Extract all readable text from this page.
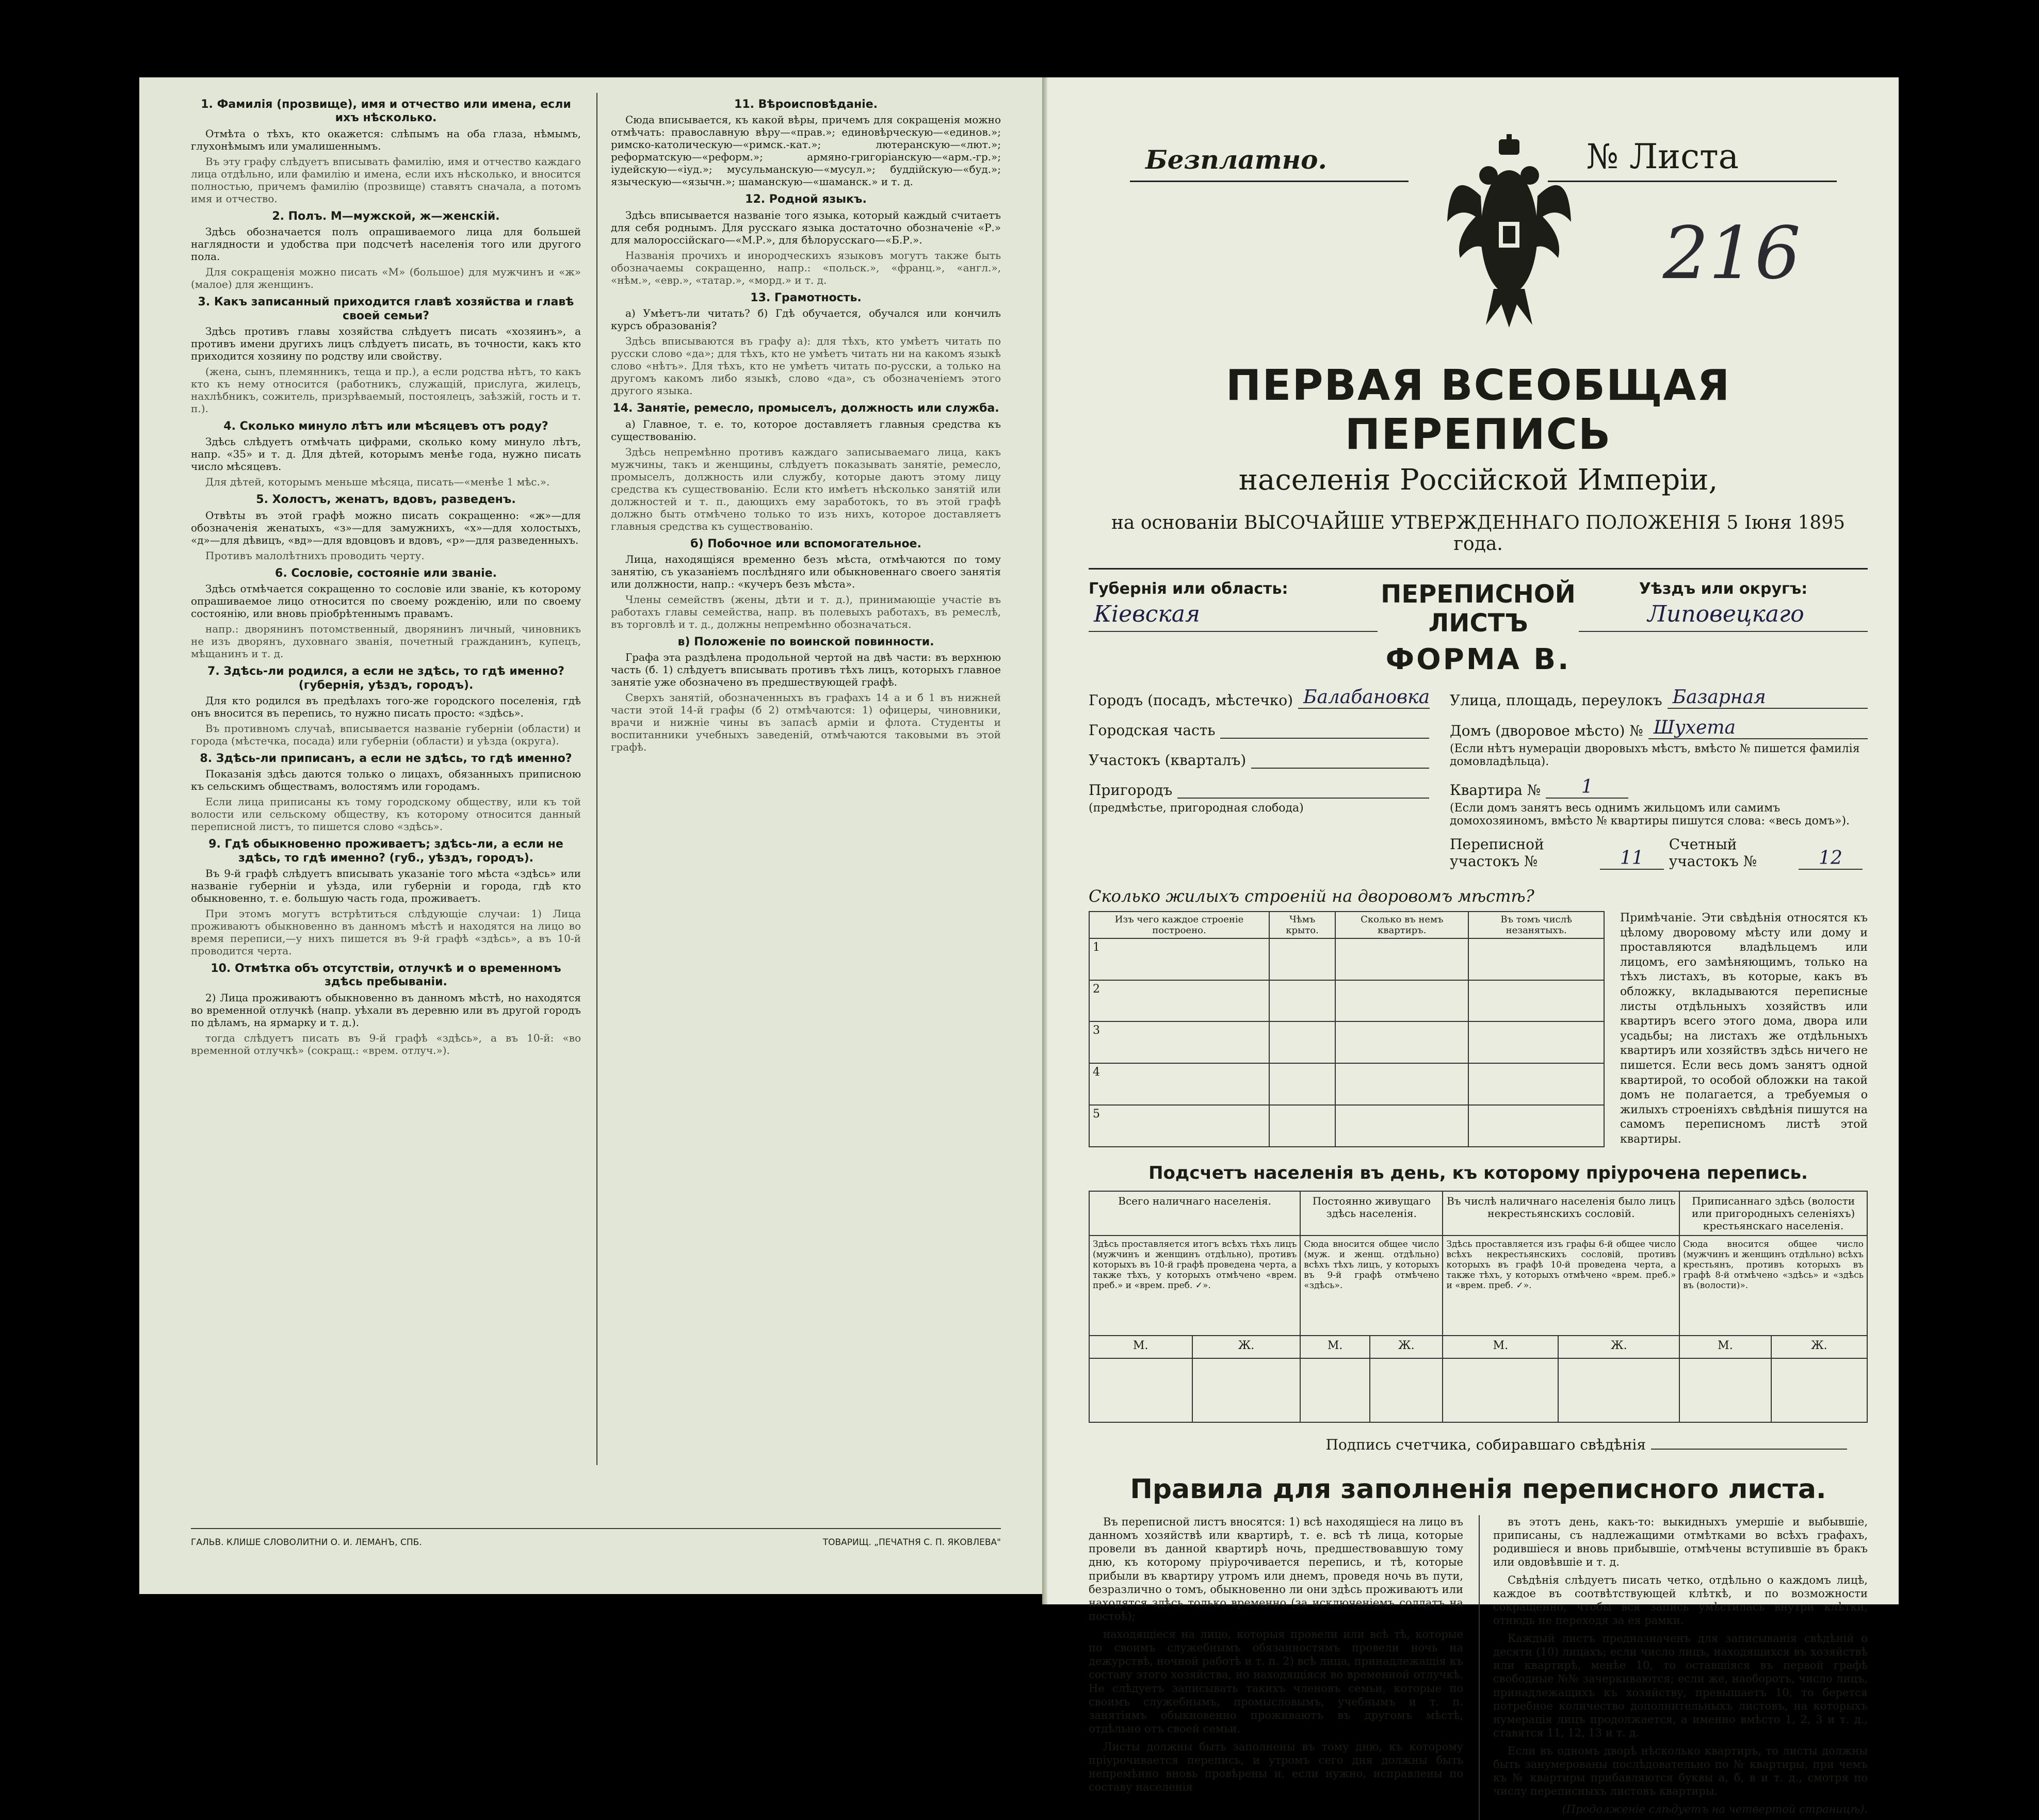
1. Фамилія (прозвище), имя и отчество или имена, если ихъ нѣсколько.

Отмѣта о тѣхъ, кто окажется: слѣпымъ на оба глаза, нѣмымъ, глухонѣмымъ или умалишеннымъ.

Въ эту графу слѣдуетъ вписывать фамилію, имя и отчество каждаго лица отдѣльно, или фамилію и имена, если ихъ нѣсколько, и вносится полностью, причемъ фамилію (прозвище) ставятъ сначала, а потомъ имя и отчество.

2. Полъ. М—мужской, ж—женскій.

Здѣсь обозначается полъ опрашиваемого лица для большей наглядности и удобства при подсчетѣ населенія того или другого пола.

Для сокращенія можно писать «М» (большое) для мужчинъ и «ж» (малое) для женщинъ.

3. Какъ записанный приходится главѣ хозяйства и главѣ своей семьи?

Здѣсь противъ главы хозяйства слѣдуетъ писать «хозяинъ», а противъ имени другихъ лицъ слѣдуетъ писать, въ точности, какъ кто приходится хозяину по родству или свойству.

(жена, сынъ, племянникъ, теща и пр.), а если родства нѣтъ, то какъ кто къ нему относится (работникъ, служащій, прислуга, жилецъ, нахлѣбникъ, сожитель, призрѣваемый, постоялецъ, заѣзжій, гость и т. п.).

4. Сколько минуло лѣтъ или мѣсяцевъ отъ роду?

Здѣсь слѣдуетъ отмѣчать цифрами, сколько кому минуло лѣтъ, напр. «35» и т. д. Для дѣтей, которымъ менѣе года, нужно писать число мѣсяцевъ.

Для дѣтей, которымъ меньше мѣсяца, писать—«менѣе 1 мѣс.».

5. Холостъ, женатъ, вдовъ, разведенъ.

Отвѣты въ этой графѣ можно писать сокращенно: «ж»—для обозначенія женатыхъ, «з»—для замужнихъ, «х»—для холостыхъ, «д»—для дѣвицъ, «вд»—для вдовцовъ и вдовъ, «р»—для разведенныхъ.

Противъ малолѣтнихъ проводить черту.

6. Сословіе, состояніе или званіе.

Здѣсь отмѣчается сокращенно то сословіе или званіе, къ которому опрашиваемое лицо относится по своему рожденію, или по своему состоянію, или вновь пріобрѣтеннымъ правамъ.

напр.: дворянинъ потомственный, дворянинъ личный, чиновникъ не изъ дворянъ, духовнаго званія, почетный гражданинъ, купецъ, мѣщанинъ и т. д.

7. Здѣсь-ли родился, а если не здѣсь, то гдѣ именно? (губернія, уѣздъ, городъ).

Для кто родился въ предѣлахъ того-же городского поселенія, гдѣ онъ вносится въ перепись, то нужно писать просто: «здѣсь».

Въ противномъ случаѣ, вписывается названіе губерніи (области) и города (мѣстечка, посада) или губерніи (области) и уѣзда (округа).

8. Здѣсь-ли приписанъ, а если не здѣсь, то гдѣ именно?

Показанія здѣсь даются только о лицахъ, обязанныхъ приписною къ сельскимъ обществамъ, волостямъ или городамъ.

Если лица приписаны къ тому городскому обществу, или къ той волости или сельскому обществу, къ которому относится данный переписной листъ, то пишется слово «здѣсь».

9. Гдѣ обыкновенно проживаетъ; здѣсь-ли, а если не здѣсь, то гдѣ именно? (губ., уѣздъ, городъ).

Въ 9-й графѣ слѣдуетъ вписывать указаніе того мѣста «здѣсь» или названіе губерніи и уѣзда, или губерніи и города, гдѣ кто обыкновенно, т. е. большую часть года, проживаетъ.

При этомъ могутъ встрѣтиться слѣдующіе случаи: 1) Лица проживаютъ обыкновенно въ данномъ мѣстѣ и находятся на лицо во время переписи,—у нихъ пишется въ 9-й графѣ «здѣсь», а въ 10-й проводится черта.

10. Отмѣтка объ отсутствіи, отлучкѣ и о временномъ здѣсь пребываніи.

2) Лица проживаютъ обыкновенно въ данномъ мѣстѣ, но находятся во временной отлучкѣ (напр. уѣхали въ деревню или въ другой городъ по дѣламъ, на ярмарку и т. д.).

тогда слѣдуетъ писать въ 9-й графѣ «здѣсь», а въ 10-й: «во временной отлучкѣ» (сокращ.: «врем. отлуч.»).

11. Вѣроисповѣданіе.

Сюда вписывается, къ какой вѣры, причемъ для сокращенія можно отмѣчать: православную вѣру—«прав.»; единовѣрческую—«единов.»; римско-католическую—«римск.-кат.»; лютеранскую—«лют.»; реформатскую—«реформ.»; армяно-григоріанскую—«арм.-гр.»; іудейскую—«іуд.»; мусульманскую—«мусул.»; буддійскую—«буд.»; языческую—«язычн.»; шаманскую—«шаманск.» и т. д.

12. Родной языкъ.

Здѣсь вписывается названіе того языка, который каждый считаетъ для себя роднымъ. Для русскаго языка достаточно обозначеніе «Р.» для малороссійскаго—«М.Р.», для бѣлорусскаго—«Б.Р.».

Названія прочихъ и инородческихъ языковъ могутъ также быть обозначаемы сокращенно, напр.: «польск.», «франц.», «англ.», «нѣм.», «евр.», «татар.», «морд.» и т. д.

13. Грамотность.

а) Умѣетъ-ли читать? б) Гдѣ обучается, обучался или кончилъ курсъ образованія?

Здѣсь вписываются въ графу а): для тѣхъ, кто умѣетъ читать по русски слово «да»; для тѣхъ, кто не умѣетъ читать ни на какомъ языкѣ слово «нѣтъ». Для тѣхъ, кто не умѣетъ читать по-русски, а только на другомъ какомъ либо языкѣ, слово «да», съ обозначеніемъ этого другого языка.

14. Занятіе, ремесло, промыселъ, должность или служба.

а) Главное, т. е. то, которое доставляетъ главныя средства къ существованію.

Здѣсь непремѣнно противъ каждаго записываемаго лица, какъ мужчины, такъ и женщины, слѣдуетъ показывать занятіе, ремесло, промыселъ, должность или службу, которые даютъ этому лицу средства къ существованію. Если кто имѣетъ нѣсколько занятій или должностей и т. п., дающихъ ему заработокъ, то въ этой графѣ должно быть отмѣчено только то изъ нихъ, которое доставляетъ главныя средства къ существованію.

б) Побочное или вспомогательное.

Лица, находящіяся временно безъ мѣста, отмѣчаются по тому занятію, съ указаніемъ послѣдняго или обыкновеннаго своего занятія или должности, напр.: «кучеръ безъ мѣста».

Члены семействъ (жены, дѣти и т. д.), принимающіе участіе въ работахъ главы семейства, напр. въ полевыхъ работахъ, въ ремеслѣ, въ торговлѣ и т. д., должны непремѣнно обозначаться.

в) Положеніе по воинской повинности.

Графа эта раздѣлена продольной чертой на двѣ части: въ верхнюю часть (б. 1) слѣдуетъ вписывать противъ тѣхъ лицъ, которыхъ главное занятіе уже обозначено въ предшествующей графѣ.

Сверхъ занятій, обозначенныхъ въ графахъ 14 а и б 1 въ нижней части этой 14-й графы (б 2) отмѣчаются: 1) офицеры, чиновники, врачи и нижніе чины въ запасѣ арміи и флота. Студенты и воспитанники учебныхъ заведеній, отмѣчаются таковыми въ этой графѣ.

ГАЛЬВ. КЛИШЕ СЛОВОЛИТНИ О. И. ЛЕМАНЪ, СПБ.	ТОВАРИЩ. „ПЕЧАТНЯ С. П. ЯКОВЛЕВА"
Безплатно.	№ Листа
216
ПЕРВАЯ ВСЕОБЩАЯ ПЕРЕПИСЬ

населенія Россійской Имперіи,

на основаніи ВЫСОЧАЙШЕ УТВЕРЖДЕННАГО ПОЛОЖЕНІЯ 5 Іюня 1895 года.

Губернія или область:
Кіевская
ПЕРЕПИСНОЙ ЛИСТЪ
ФОРМА В.
Уѣздъ или округъ:
Липовецкаго
Городъ (посадъ, мѣстечко) Балабановка
Городская часть
Участокъ (кварталъ)
Пригородъ
(предмѣстье, пригородная слобода)
Улица, площадь, переулокъ Базарная
Домъ (дворовое мѣсто) № Шухета
(Если нѣтъ нумераціи дворовыхъ мѣстъ, вмѣсто № пишется фамилія домовладѣльца).
Квартира №	1
(Если домъ занятъ весь однимъ жильцомъ или самимъ домохозяиномъ, вмѣсто № квартиры пишутся слова: «весь домъ»).
Переписной участокъ №	11
Счетный участокъ №	12
Сколько жилыхъ строеній на дворовомъ мѣстѣ?
Изъ чего каждое строеніе построено.	Чѣмъ крыто.	Сколько въ немъ квартиръ.	Въ томъ числѣ незанятыхъ.
1			
2			
3			
4			
5			
Примѣчаніе. Эти свѣдѣнія относятся къ цѣлому дворовому мѣсту или дому и проставляются владѣльцемъ или лицомъ, его замѣняющимъ, только на тѣхъ листахъ, въ которые, какъ въ обложку, вкладываются переписные листы отдѣльныхъ хозяйствъ или квартиръ всего этого дома, двора или усадьбы; на листахъ же отдѣльныхъ квартиръ или хозяйствъ здѣсь ничего не пишется. Если весь домъ занятъ одной квартирой, то особой обложки на такой домъ не полагается, а требуемыя о жилыхъ строеніяхъ свѣдѣнія пишутся на самомъ переписномъ листѣ этой квартиры.
Подсчетъ населенія въ день, къ которому пріурочена перепись.
Всего наличнаго населенія.		Постоянно живущаго здѣсь населенія.		Въ числѣ наличнаго населенія было лицъ некрестьянскихъ сословій.		Приписаннаго здѣсь (волости или пригородныхъ селеніяхъ) крестьянскаго населенія.	
Здѣсь проставляется итогъ всѣхъ тѣхъ лицъ (мужчинъ и женщинъ отдѣльно), противъ которыхъ въ 10-й графѣ проведена черта, а также тѣхъ, у которыхъ отмѣчено «врем. преб.» и «врем. преб. ✓».		Сюда вносится общее число (муж. и женщ. отдѣльно) всѣхъ тѣхъ лицъ, у которыхъ въ 9-й графѣ отмѣчено «здѣсь».		Здѣсь проставляется изъ графы 6-й общее число всѣхъ некрестьянскихъ сословій, противъ которыхъ въ графѣ 10-й проведена черта, а также тѣхъ, у которыхъ отмѣчено «врем. преб.» и «врем. преб. ✓».		Сюда вносится общее число (мужчинъ и женщинъ отдѣльно) всѣхъ крестьянъ, противъ которыхъ въ графѣ 8-й отмѣчено «здѣсь» и «здѣсь въ (волости)».	
М.	Ж.	М.	Ж.	М.	Ж.	М.	Ж.

Подпись счетчика, собиравшаго свѣдѣнія
Правила для заполненія переписного листа.

Въ переписной листъ вносятся: 1) всѣ находящіеся на лицо въ данномъ хозяйствѣ или квартирѣ, т. е. всѣ тѣ лица, которые провели въ данной квартирѣ ночь, предшествовавшую тому дню, къ которому пріурочивается перепись, и тѣ, которые прибыли въ квартиру утромъ или днемъ, проведя ночь въ пути, безразлично о томъ, обыкновенно ли они здѣсь проживаютъ или находятся здѣсь только временно (за исключеніемъ солдатъ на постоѣ);

находящіеся на лицо, которыя провели или всѣ тѣ, которые по своимъ служебнымъ обязанностямъ провели ночь на дежурствѣ, ночной работѣ и т. п. 2) всѣ лица, принадлежащія къ составу этого хозяйства, но находящіяся во временной отлучкѣ. Не слѣдуетъ записывать такихъ членовъ семьи, которые по своимъ служебнымъ, промысловымъ, учебнымъ и т. п. занятіямъ обыкновенно проживаютъ въ другомъ мѣстѣ, отдѣльно отъ своей семьи.

Листы должны быть заполнены въ тому дню, къ которому пріурочивается перепись, и утромъ сего дня должны быть непремѣнно вновь провѣрены и, если нужно, исправлены по составу населенія

въ этотъ день, какъ-то: выкидныхъ умершіе и выбывшіе, приписаны, съ надлежащими отмѣтками во всѣхъ графахъ, родившіеся и вновь прибывшіе, отмѣчены вступившіе въ бракъ или овдовѣвшіе и т. д.

Свѣдѣнія слѣдуетъ писать четко, отдѣльно о каждомъ лицѣ, каждое въ соотвѣтствующей клѣткѣ, и по возможности сокращенно, чтобы вся запись умѣстилась внутри клѣтки, отнюдь не переходя за ея рамки.

Каждый листъ предназначенъ для записыванія свѣдѣній о десяти (10) лицахъ; если число лицъ, находящихся въ хозяйствѣ или квартирѣ, менѣе 10, то оставшіяся въ первой графѣ свободные №№ зачеркиваются; если же, наоборотъ, число лицъ, принадлежащихъ къ хозяйству, превышаетъ 10, то берется потребное количество дополнительныхъ листовъ, на которыхъ нумерація лицъ продолжается, а именно вмѣсто 1, 2, 3 и т. д., ставятся 11, 12, 13 и т. д.

Если въ одномъ дворѣ нѣсколько квартиръ, то листы должны быть занумерованы послѣдовательно по № квартиры, при чемъ къ № квартиры прибавляются буквы а, б, в и т. д., смотря по числу переписныхъ листовъ квартиры.

(Продолженіе слѣдуетъ на четвертой страницѣ).
